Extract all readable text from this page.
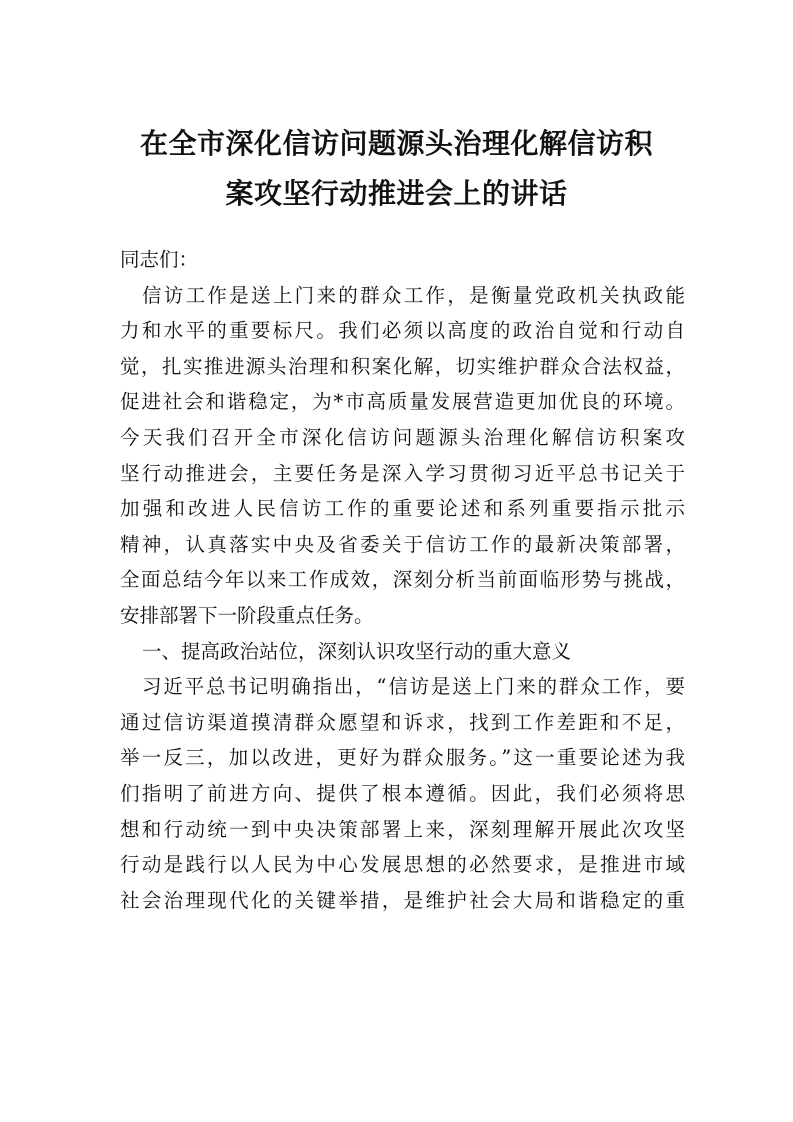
在全市深化信访问题源头治理化解信访积
案攻坚行动推进会上的讲话
同志们：
信访工作是送上门来的群众工作，是衡量党政机关执政能
力和水平的重要标尺。我们必须以高度的政治自觉和行动自
觉，扎实推进源头治理和积案化解，切实维护群众合法权益，
促进社会和谐稳定，为*市高质量发展营造更加优良的环境。
今天我们召开全市深化信访问题源头治理化解信访积案攻
坚行动推进会，主要任务是深入学习贯彻习近平总书记关于
加强和改进人民信访工作的重要论述和系列重要指示批示
精神，认真落实中央及省委关于信访工作的最新决策部署，
全面总结今年以来工作成效，深刻分析当前面临形势与挑战，
安排部署下一阶段重点任务。
一、提高政治站位，深刻认识攻坚行动的重大意义
习近平总书记明确指出，“信访是送上门来的群众工作，要
通过信访渠道摸清群众愿望和诉求，找到工作差距和不足，
举一反三，加以改进，更好为群众服务。”这一重要论述为我
们指明了前进方向、提供了根本遵循。因此，我们必须将思
想和行动统一到中央决策部署上来，深刻理解开展此次攻坚
行动是践行以人民为中心发展思想的必然要求，是推进市域
社会治理现代化的关键举措，是维护社会大局和谐稳定的重
